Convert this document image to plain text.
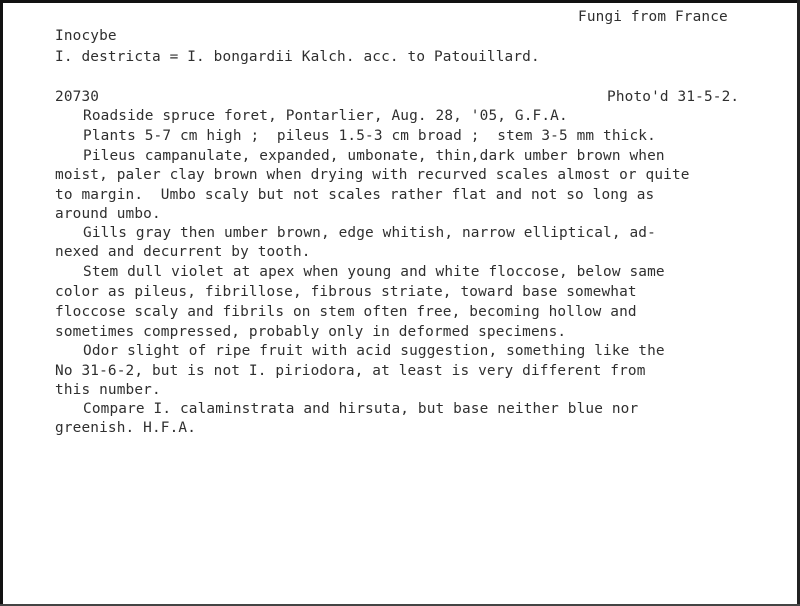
Fungi from France
Inocybe
I. destricta = I. bongardii Kalch. acc. to Patouillard.
20730	Photo'd 31-5-2.
Roadside spruce foret, Pontarlier, Aug. 28, '05, G.F.A.
Plants 5-7 cm high ;  pileus 1.5-3 cm broad ;  stem 3-5 mm thick.
Pileus campanulate, expanded, umbonate, thin,dark umber brown when
moist, paler clay brown when drying with recurved scales almost or quite
to margin.  Umbo scaly but not scales rather flat and not so long as
around umbo.
Gills gray then umber brown, edge whitish, narrow elliptical, ad-
nexed and decurrent by tooth.
Stem dull violet at apex when young and white floccose, below same
color as pileus, fibrillose, fibrous striate, toward base somewhat
floccose scaly and fibrils on stem often free, becoming hollow and
sometimes compressed, probably only in deformed specimens.
Odor slight of ripe fruit with acid suggestion, something like the
No 31-6-2, but is not I. piriodora, at least is very different from
this number.
Compare I. calaminstrata and hirsuta, but base neither blue nor
greenish. H.F.A.
